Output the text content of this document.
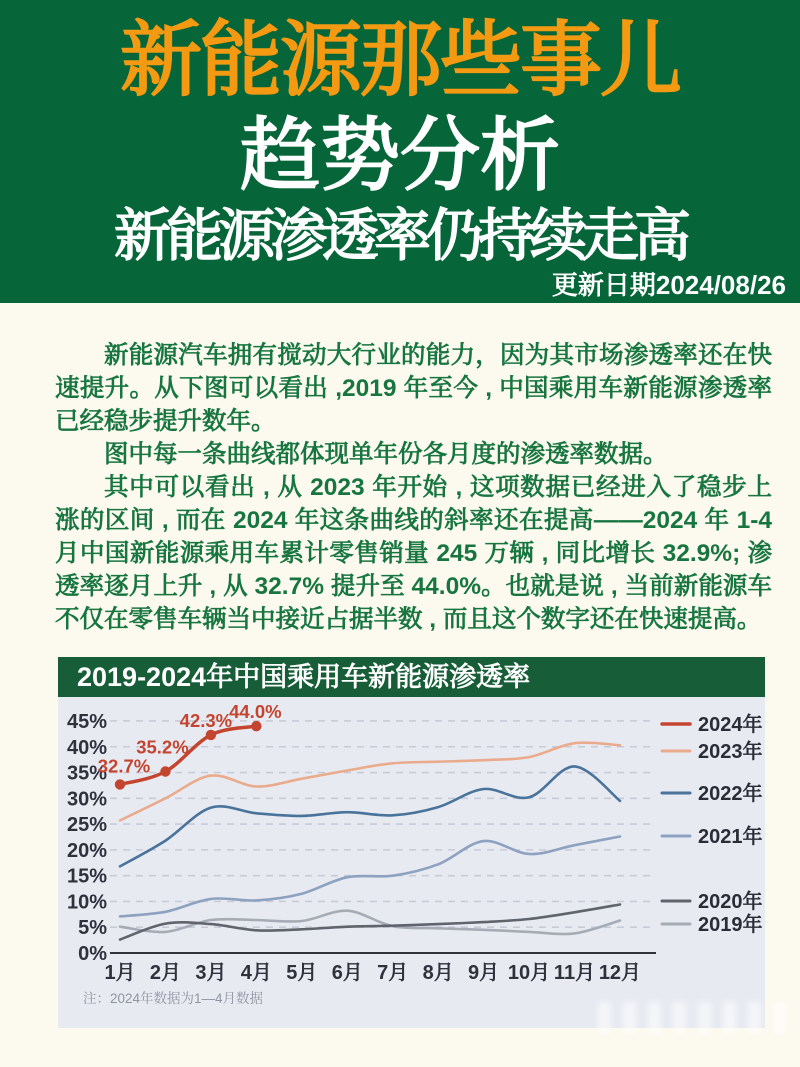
新能源那些事儿
趋势分析
新能源渗透率仍持续走高
更新日期2024/08/26

新能源汽车拥有搅动大行业的能力，因为其市场渗透率还在快速提升。从下图可以看出 ,2019 年至今 , 中国乘用车新能源渗透率已经稳步提升数年。

图中每一条曲线都体现单年份各月度的渗透率数据。

其中可以看出 , 从 2023 年开始 , 这项数据已经进入了稳步上涨的区间 , 而在 2024 年这条曲线的斜率还在提高——2024 年 1-4 月中国新能源乘用车累计零售销量 245 万辆 , 同比增长 32.9%; 渗透率逐月上升 , 从 32.7% 提升至 44.0%。也就是说 , 当前新能源车不仅在零售车辆当中接近占据半数 , 而且这个数字还在快速提高。

2019-2024年中国乘用车新能源渗透率
0%
5%
10%
15%
20%
25%
30%
35%
40%
45%
1月 2月 3月 4月 5月 6月 7月 8月 9月 10月 11月 12月
32.7%
35.2%
42.3%
44.0%
2024年
2023年
2022年
2021年
2020年
2019年
注：2024年数据为1—4月数据
